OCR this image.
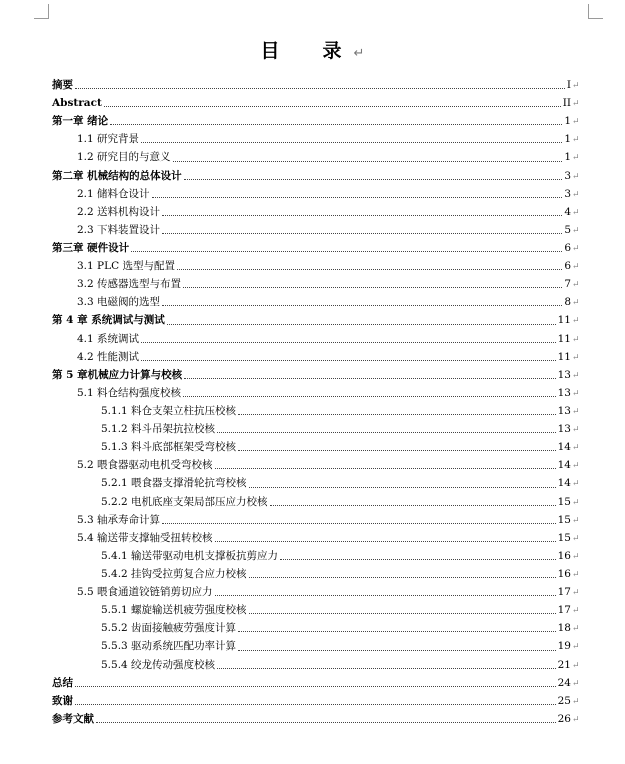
目　录↵
摘要	I ↵
Abstract	II ↵
第一章 绪论	1 ↵
1.1 研究背景	1 ↵
1.2 研究目的与意义	1 ↵
第二章 机械结构的总体设计	3 ↵
2.1 储料仓设计	3 ↵
2.2 送料机构设计	4 ↵
2.3 下料装置设计	5 ↵
第三章 硬件设计	6 ↵
3.1 PLC 选型与配置	6 ↵
3.2 传感器选型与布置	7 ↵
3.3 电磁阀的选型	8 ↵
第 4 章 系统调试与测试	11 ↵
4.1 系统调试	11 ↵
4.2 性能测试	11 ↵
第 5 章机械应力计算与校核	13 ↵
5.1 料仓结构强度校核	13 ↵
5.1.1 料仓支架立柱抗压校核	13 ↵
5.1.2 料斗吊架抗拉校核	13 ↵
5.1.3 料斗底部框架受弯校核	14 ↵
5.2 喂食器驱动电机受弯校核	14 ↵
5.2.1 喂食器支撑滑轮抗弯校核	14 ↵
5.2.2 电机底座支架局部压应力校核	15 ↵
5.3 轴承寿命计算	15 ↵
5.4 输送带支撑轴受扭转校核	15 ↵
5.4.1 输送带驱动电机支撑板抗剪应力	16 ↵
5.4.2 挂钩受拉剪复合应力校核	16 ↵
5.5 喂食通道铰链销剪切应力	17 ↵
5.5.1 螺旋输送机疲劳强度校核	17 ↵
5.5.2 齿面接触疲劳强度计算	18 ↵
5.5.3 驱动系统匹配功率计算	19 ↵
5.5.4 绞龙传动强度校核	21 ↵
总结	24 ↵
致谢	25 ↵
参考文献	26 ↵
